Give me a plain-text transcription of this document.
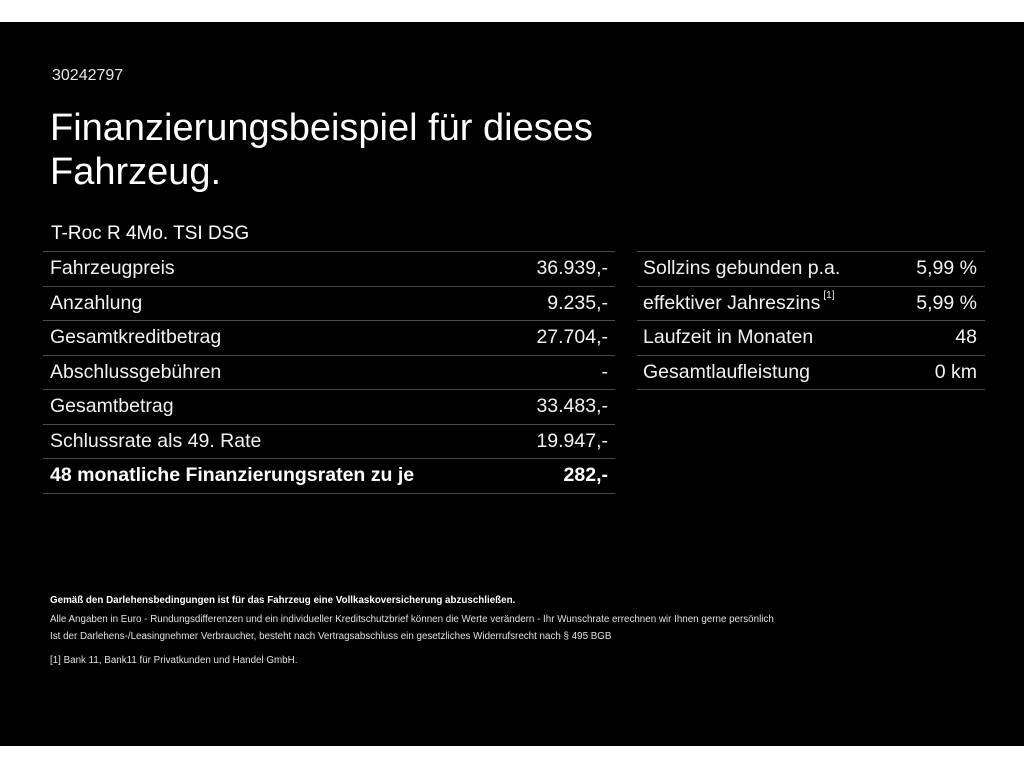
30242797
Finanzierungsbeispiel für dieses Fahrzeug.
T-Roc R 4Mo. TSI DSG
Fahrzeugpreis	36.939,-
Anzahlung	9.235,-
Gesamtkreditbetrag	27.704,-
Abschlussgebühren	-
Gesamtbetrag	33.483,-
Schlussrate als 49. Rate	19.947,-
48 monatliche Finanzierungsraten zu je	282,-
Sollzins gebunden p.a.	5,99 %
effektiver Jahreszins [1]	5,99 %
Laufzeit in Monaten	48
Gesamtlaufleistung	0 km
Gemäß den Darlehensbedingungen ist für das Fahrzeug eine Vollkaskoversicherung abzuschließen.
Alle Angaben in Euro - Rundungsdifferenzen und ein individueller Kreditschutzbrief können die Werte verändern - Ihr Wunschrate errechnen wir Ihnen gerne persönlich
Ist der Darlehens-/Leasingnehmer Verbraucher, besteht nach Vertragsabschluss ein gesetzliches Widerrufsrecht nach § 495 BGB
[1] Bank 11, Bank11 für Privatkunden und Handel GmbH.
